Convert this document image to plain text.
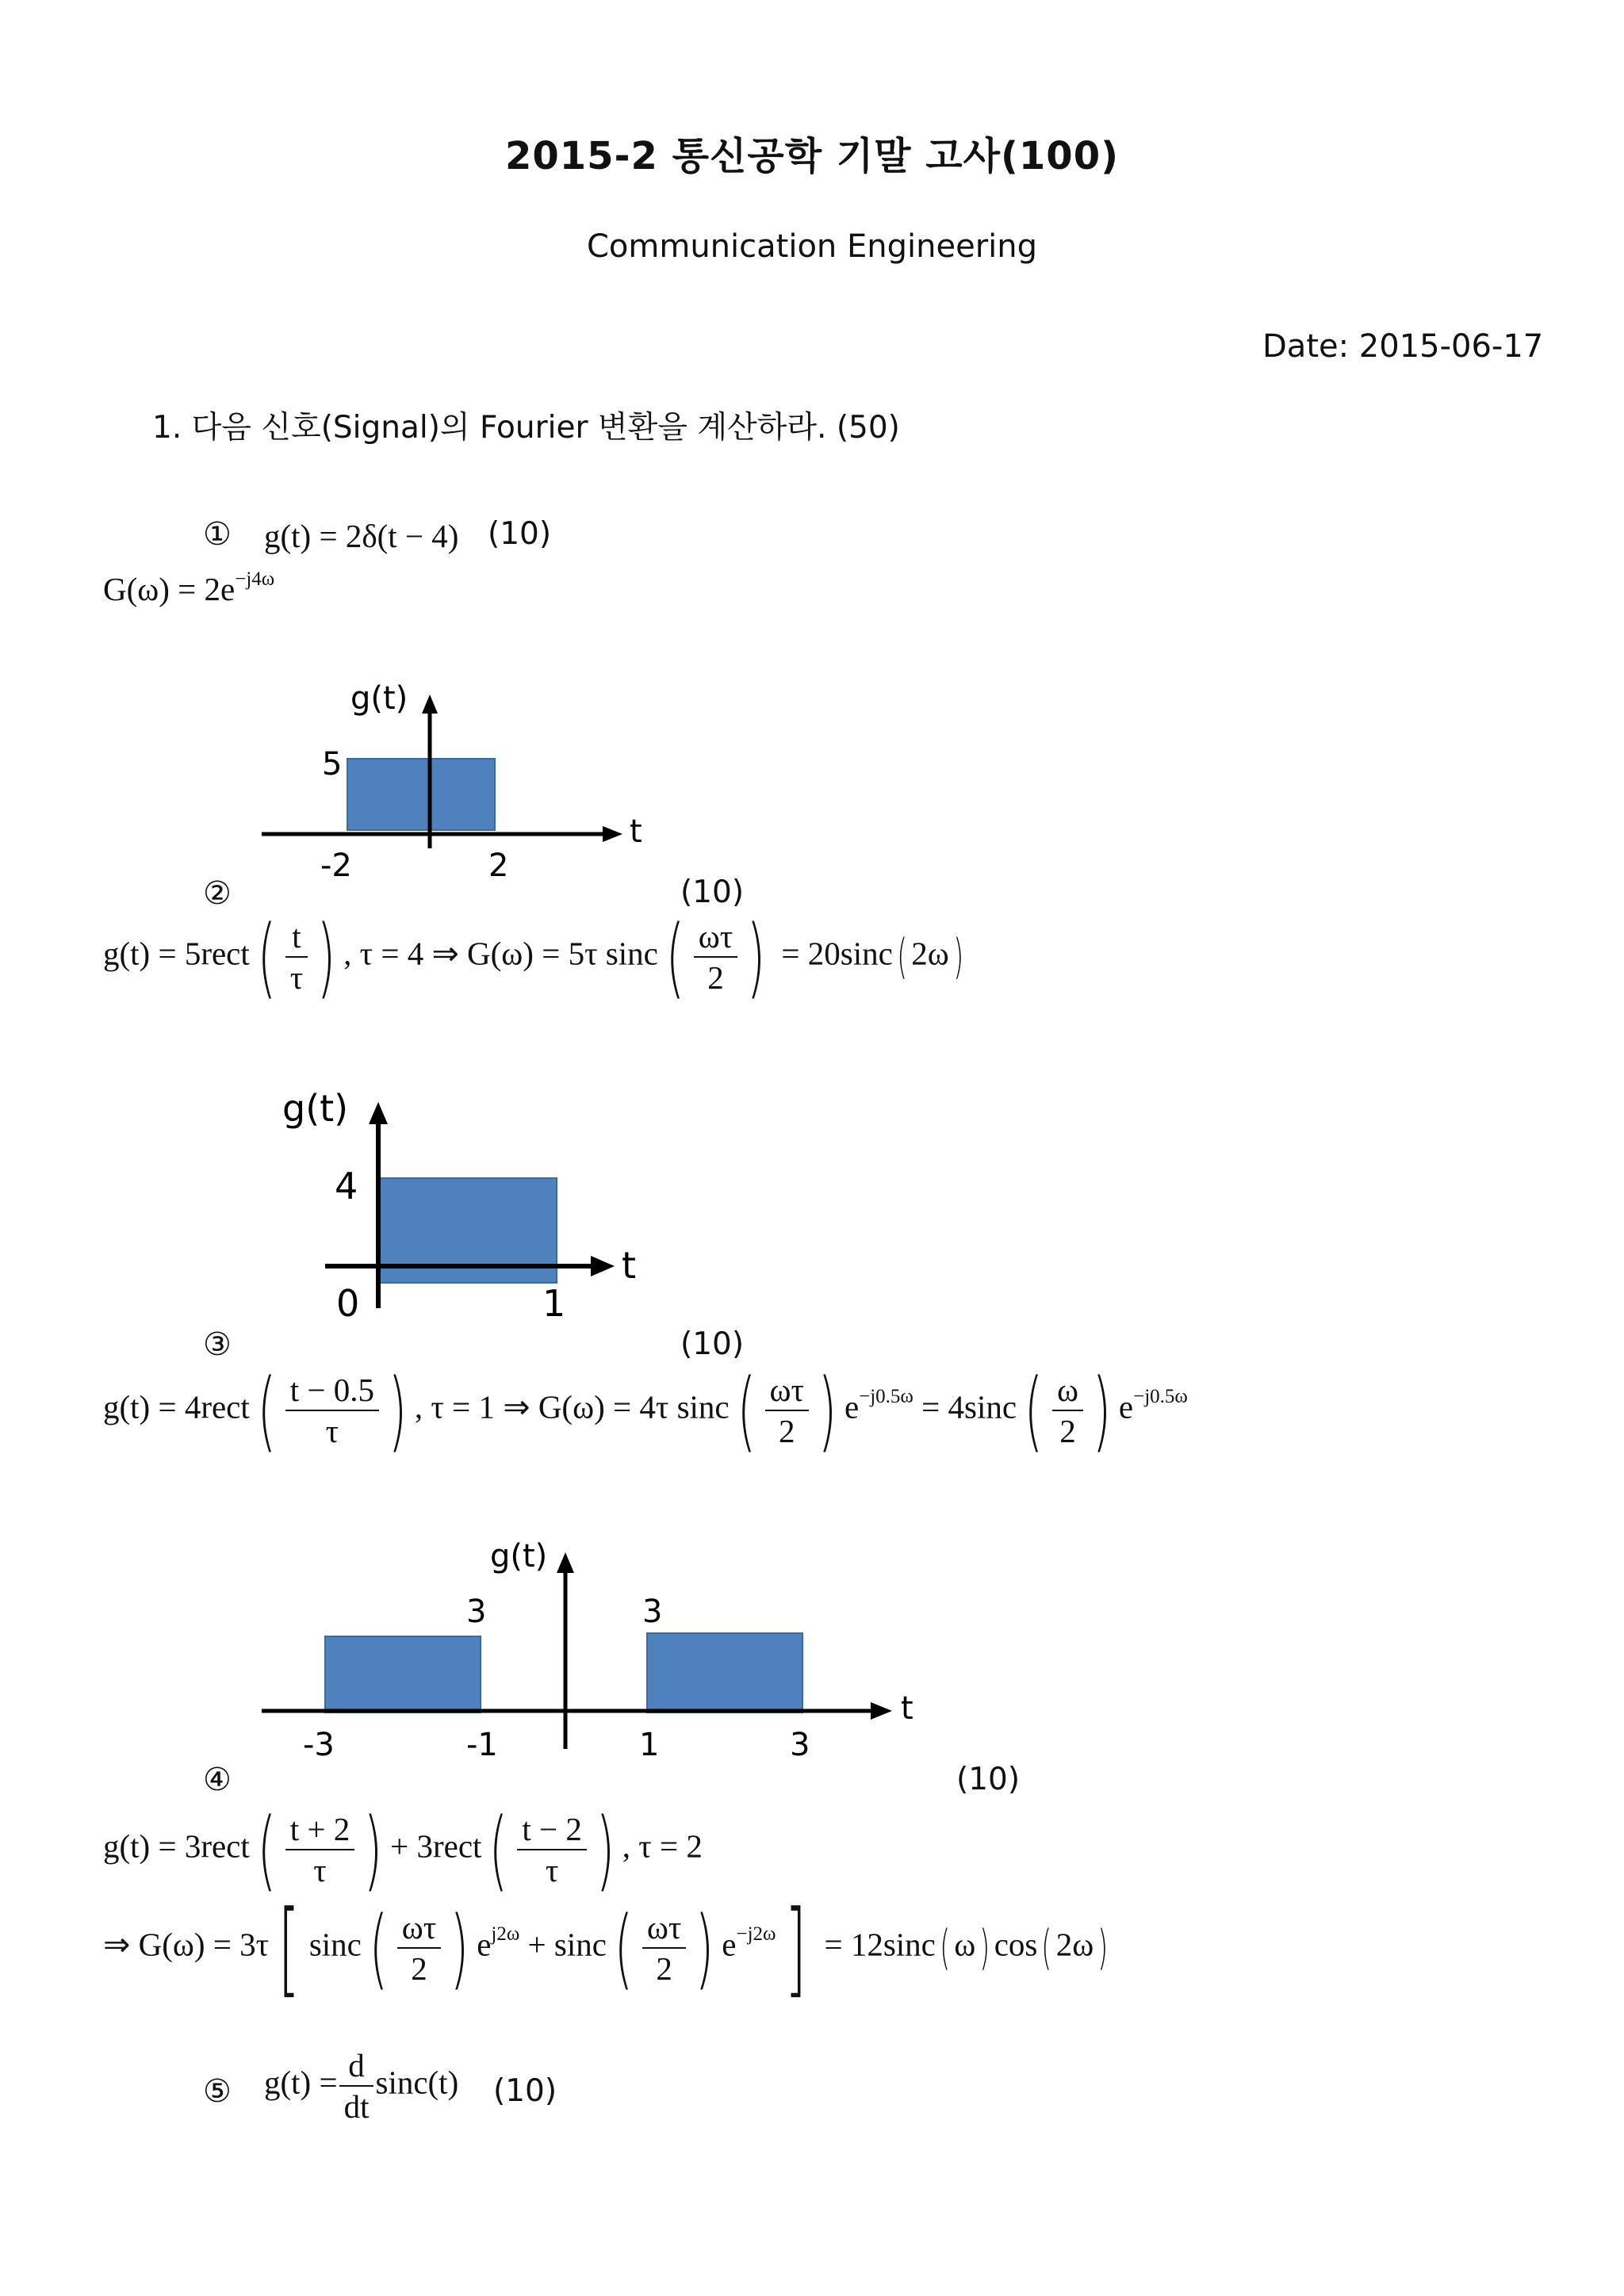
2015-2 통신공학 기말 고사(100)
Communication Engineering
Date: 2015-06-17
1. 다음 신호(Signal)의 Fourier 변환을 계산하라. (50)
① g(t) = 2δ(t − 4) (10)
$G(\omega) = 2e^{-j4\omega}$
g(t)
5
t
-2	2
②	(10)
g(t) = 5rect( $\frac{t}{\tau}$ ) , τ = 4 ⇒ G(ω) = 5τ $\sin c( \frac{\omega\tau}{2}$ ) = 20sinc( 2ω)
g(t)
4
t
0	1
③	(10)
g(t) = 4rect( $\frac{t - 0.5}{\tau}$ ) , τ = 1 ⇒ G(ω) = 4τ $\sin c( \frac{\omega\tau}{2}$ ) $e^{-j0.5\omega} = 4\sin c( \frac{\omega}{2}$ ) $e^{-j0.5\omega}$
g(t)
3	3
t
-3	-1	1	3
④	(10)
g(t) = 3rect( $\frac{t + 2}{\tau}$ ) + 3rect( $\frac{t - 2}{\tau}$ ) , τ = 2
⇒ G(ω) = 3τ[ $\sin c( \frac{\omega\tau}{2}$ ) $e^{j2\omega} + \sin c( \frac{\omega\tau}{2}$ ) $e^{-j2\omega}] = 12\sin c$( ω) cos( 2ω)
⑤ $g(t) = \frac{d}{dt} \sin c(t)$ (10)
